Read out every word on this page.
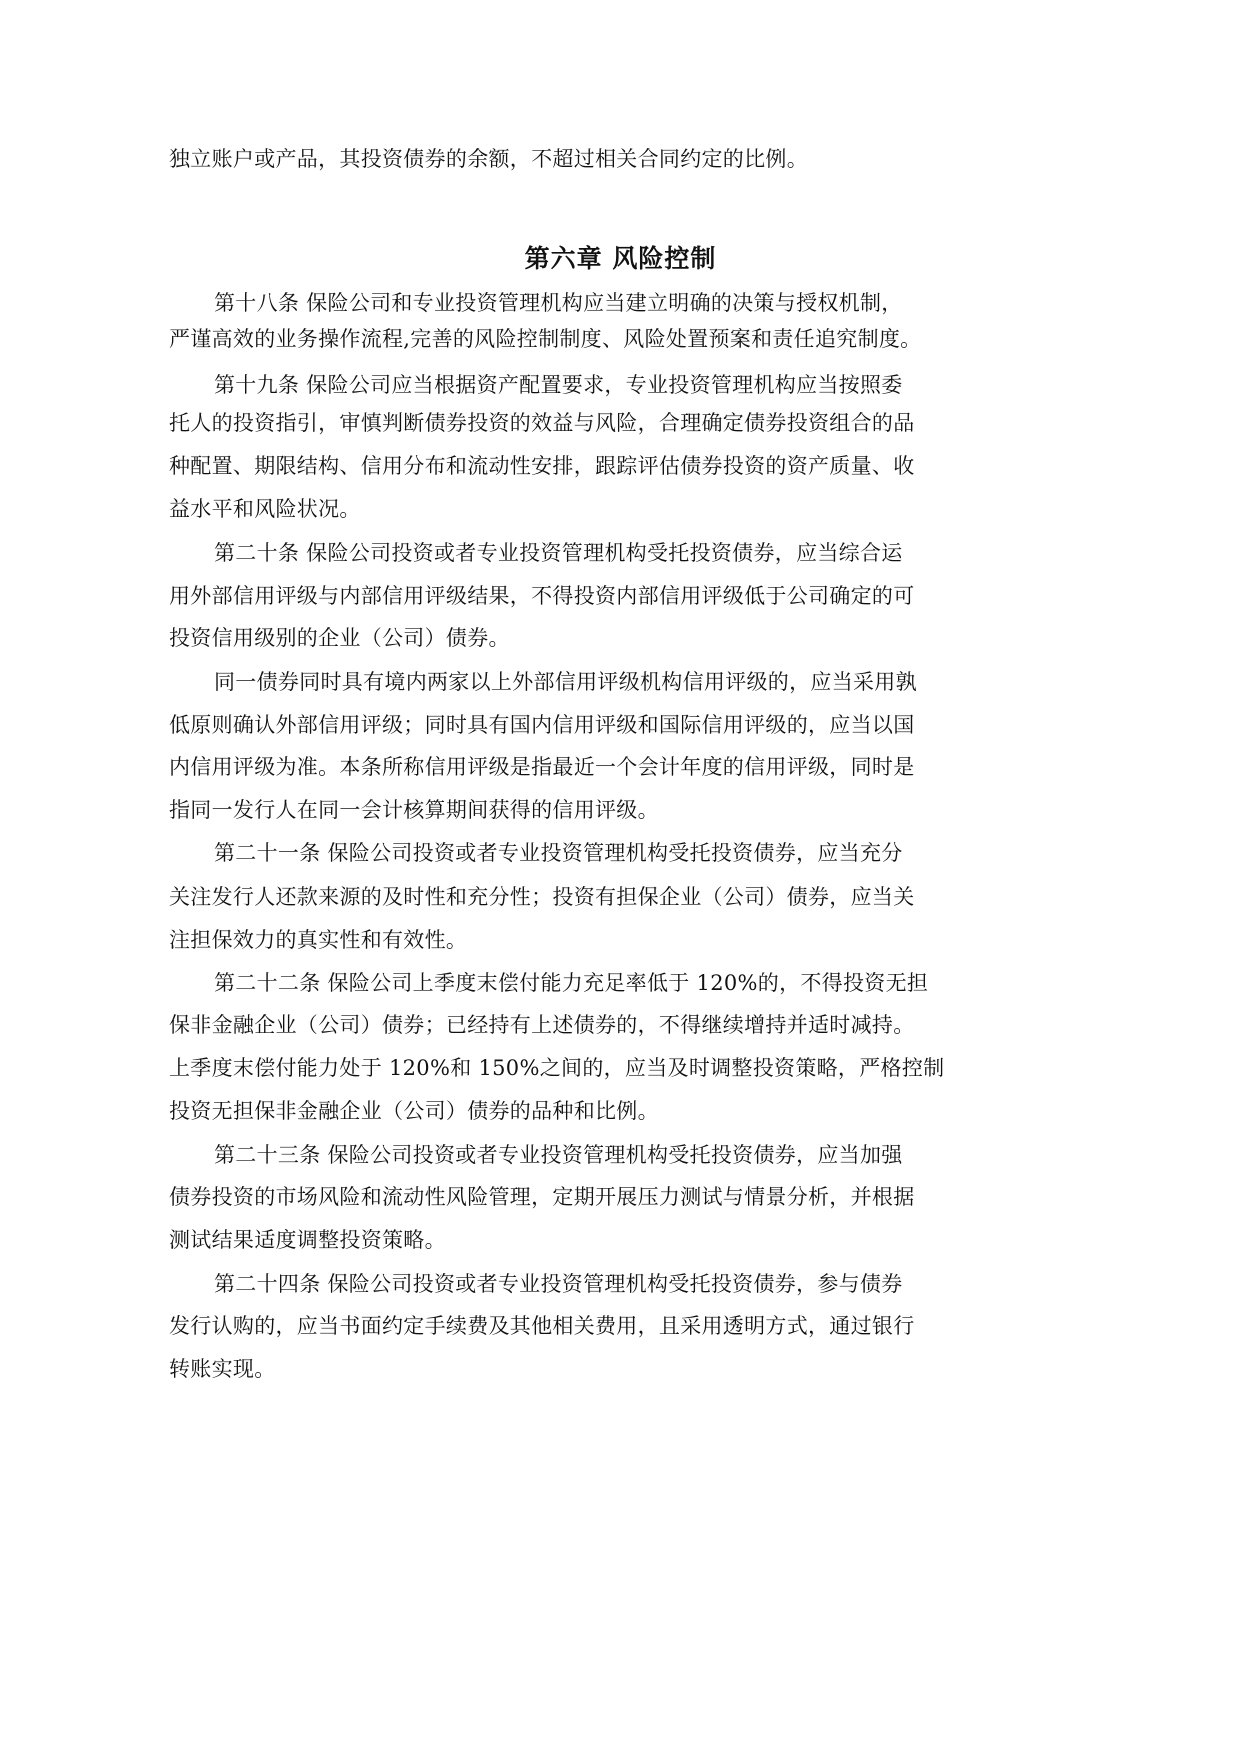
独立账户或产品，其投资债券的余额，不超过相关合同约定的比例。
第六章 风险控制
第十八条 保险公司和专业投资管理机构应当建立明确的决策与授权机制，
严谨高效的业务操作流程,完善的风险控制制度、风险处置预案和责任追究制度。
第十九条 保险公司应当根据资产配置要求，专业投资管理机构应当按照委
托人的投资指引，审慎判断债券投资的效益与风险，合理确定债券投资组合的品
种配置、期限结构、信用分布和流动性安排，跟踪评估债券投资的资产质量、收
益水平和风险状况。
第二十条 保险公司投资或者专业投资管理机构受托投资债券，应当综合运
用外部信用评级与内部信用评级结果，不得投资内部信用评级低于公司确定的可
投资信用级别的企业（公司）债券。
同一债券同时具有境内两家以上外部信用评级机构信用评级的，应当采用孰
低原则确认外部信用评级；同时具有国内信用评级和国际信用评级的，应当以国
内信用评级为准。本条所称信用评级是指最近一个会计年度的信用评级，同时是
指同一发行人在同一会计核算期间获得的信用评级。
第二十一条 保险公司投资或者专业投资管理机构受托投资债券，应当充分
关注发行人还款来源的及时性和充分性；投资有担保企业（公司）债券，应当关
注担保效力的真实性和有效性。
第二十二条 保险公司上季度末偿付能力充足率低于 120%的，不得投资无担
保非金融企业（公司）债券；已经持有上述债券的，不得继续增持并适时减持。
上季度末偿付能力处于 120%和 150%之间的，应当及时调整投资策略，严格控制
投资无担保非金融企业（公司）债券的品种和比例。
第二十三条 保险公司投资或者专业投资管理机构受托投资债券，应当加强
债券投资的市场风险和流动性风险管理，定期开展压力测试与情景分析，并根据
测试结果适度调整投资策略。
第二十四条 保险公司投资或者专业投资管理机构受托投资债券，参与债券
发行认购的，应当书面约定手续费及其他相关费用，且采用透明方式，通过银行
转账实现。
